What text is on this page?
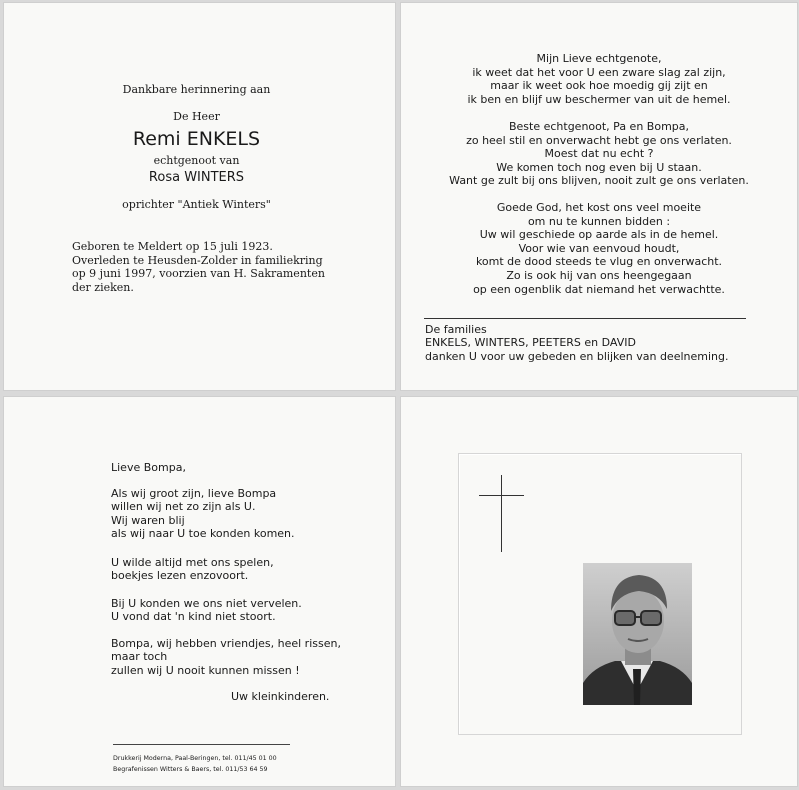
Dankbare herinnering aan
De Heer
Remi ENKELS
echtgenoot van
Rosa WINTERS
oprichter "Antiek Winters"
Geboren te Meldert op 15 juli 1923.
Overleden te Heusden-Zolder in familiekring
op 9 juni 1997, voorzien van H. Sakramenten
der zieken.
Mijn Lieve echtgenote,
ik weet dat het voor U een zware slag zal zijn,
maar ik weet ook hoe moedig gij zijt en
ik ben en blijf uw beschermer van uit de hemel.
Beste echtgenoot, Pa en Bompa,
zo heel stil en onverwacht hebt ge ons verlaten.
Moest dat nu echt ?
We komen toch nog even bij U staan.
Want ge zult bij ons blijven, nooit zult ge ons verlaten.
Goede God, het kost ons veel moeite
om nu te kunnen bidden :
Uw wil geschiede op aarde als in de hemel.
Voor wie van eenvoud houdt,
komt de dood steeds te vlug en onverwacht.
Zo is ook hij van ons heengegaan
op een ogenblik dat niemand het verwachtte.
De families
ENKELS, WINTERS, PEETERS en DAVID
danken U voor uw gebeden en blijken van deelneming.
Lieve Bompa,
Als wij groot zijn, lieve Bompa
willen wij net zo zijn als U.
Wij waren blij
als wij naar U toe konden komen.
U wilde altijd met ons spelen,
boekjes lezen enzovoort.
Bij U konden we ons niet vervelen.
U vond dat 'n kind niet stoort.
Bompa, wij hebben vriendjes, heel rissen,
maar toch
zullen wij U nooit kunnen missen !
Uw kleinkinderen.
Drukkerij Moderna, Paal-Beringen, tel. 011/45 01 00
Begrafenissen Witters & Baers, tel. 011/53 64 59
